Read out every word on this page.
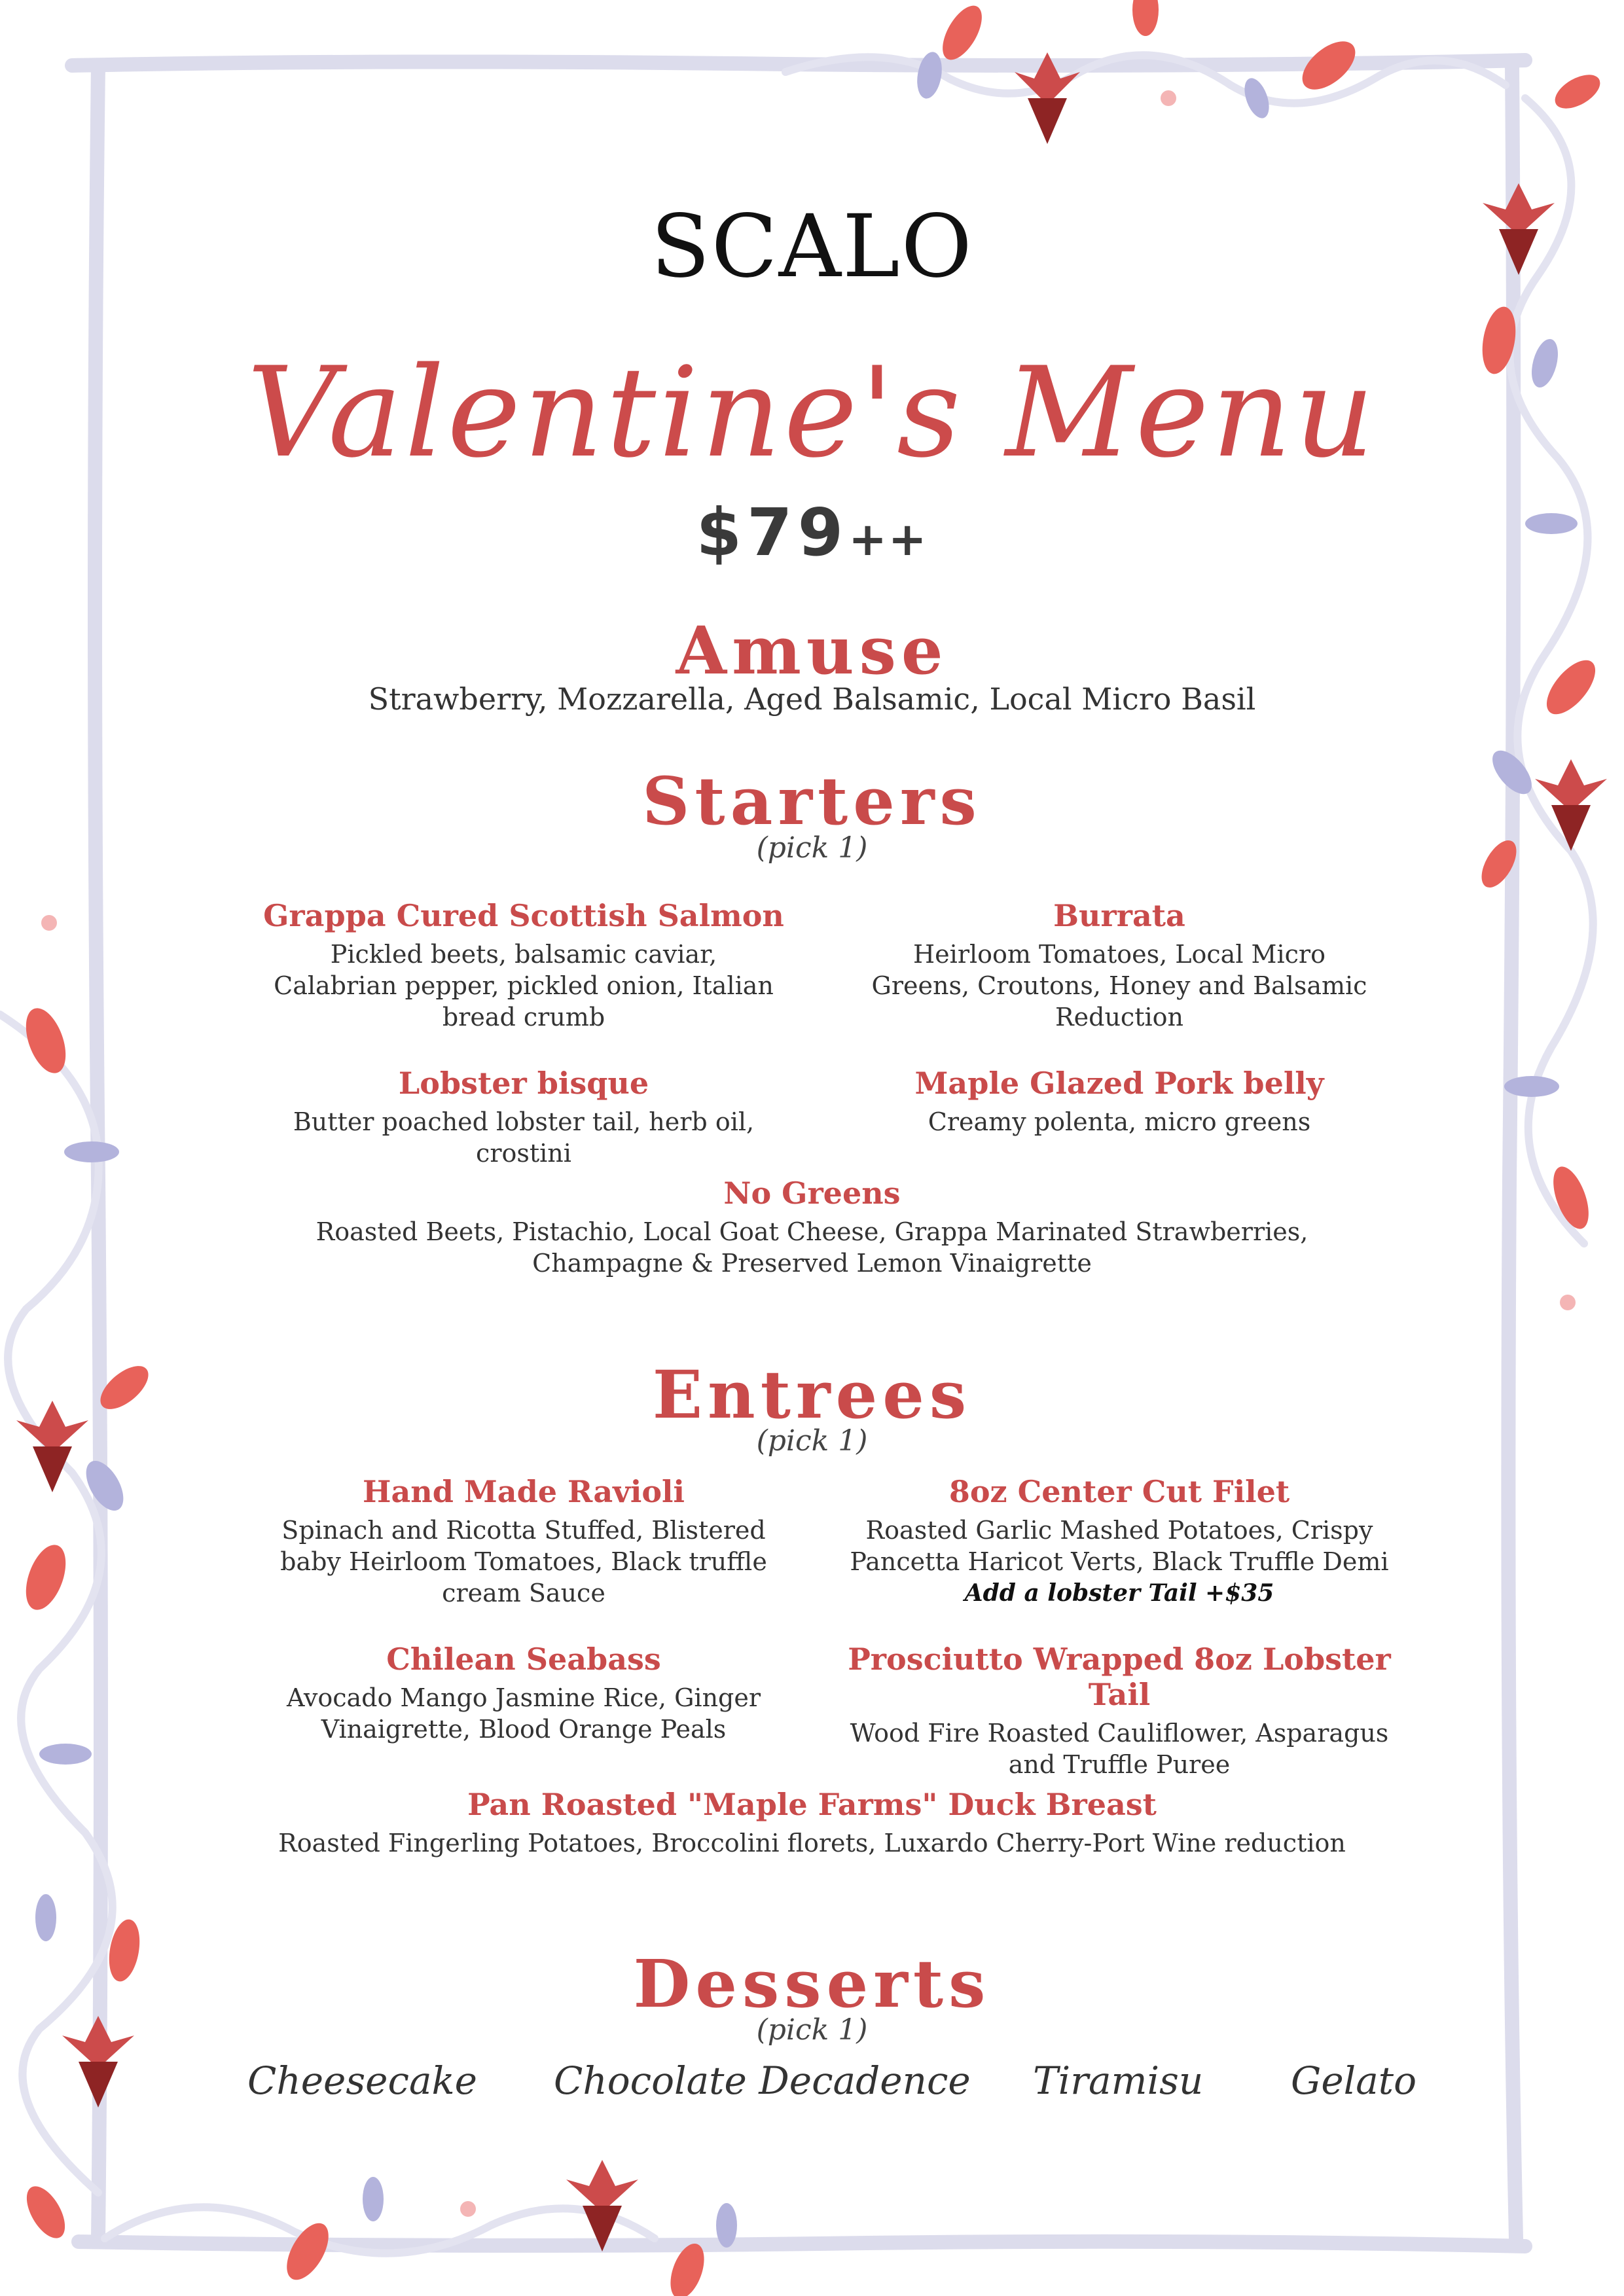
SCALO
Valentine's Menu
$79++
Amuse
Strawberry, Mozzarella, Aged Balsamic, Local Micro Basil
Starters
(pick 1)
Grappa Cured Scottish Salmon
Pickled beets, balsamic caviar,
Calabrian pepper, pickled onion, Italian
bread crumb
Burrata
Heirloom Tomatoes, Local Micro
Greens, Croutons, Honey and Balsamic
Reduction
Lobster bisque
Butter poached lobster tail, herb oil, crostini
Maple Glazed Pork belly
Creamy polenta, micro greens
No Greens
Roasted Beets, Pistachio, Local Goat Cheese, Grappa Marinated Strawberries,
Champagne & Preserved Lemon Vinaigrette
Entrees
(pick 1)
Hand Made Ravioli
Spinach and Ricotta Stuffed, Blistered
baby Heirloom Tomatoes, Black truffle
cream Sauce
8oz Center Cut Filet
Roasted Garlic Mashed Potatoes, Crispy
Pancetta Haricot Verts, Black Truffle Demi
Add a lobster Tail +$35
Chilean Seabass
Avocado Mango Jasmine Rice, Ginger
Vinaigrette, Blood Orange Peals
Prosciutto Wrapped 8oz Lobster Tail
Wood Fire Roasted Cauliflower, Asparagus
and Truffle Puree
Pan Roasted "Maple Farms" Duck Breast
Roasted Fingerling Potatoes, Broccolini florets, Luxardo Cherry-Port Wine reduction
Desserts
(pick 1)
Cheesecake Chocolate Decadence Tiramisu Gelato
